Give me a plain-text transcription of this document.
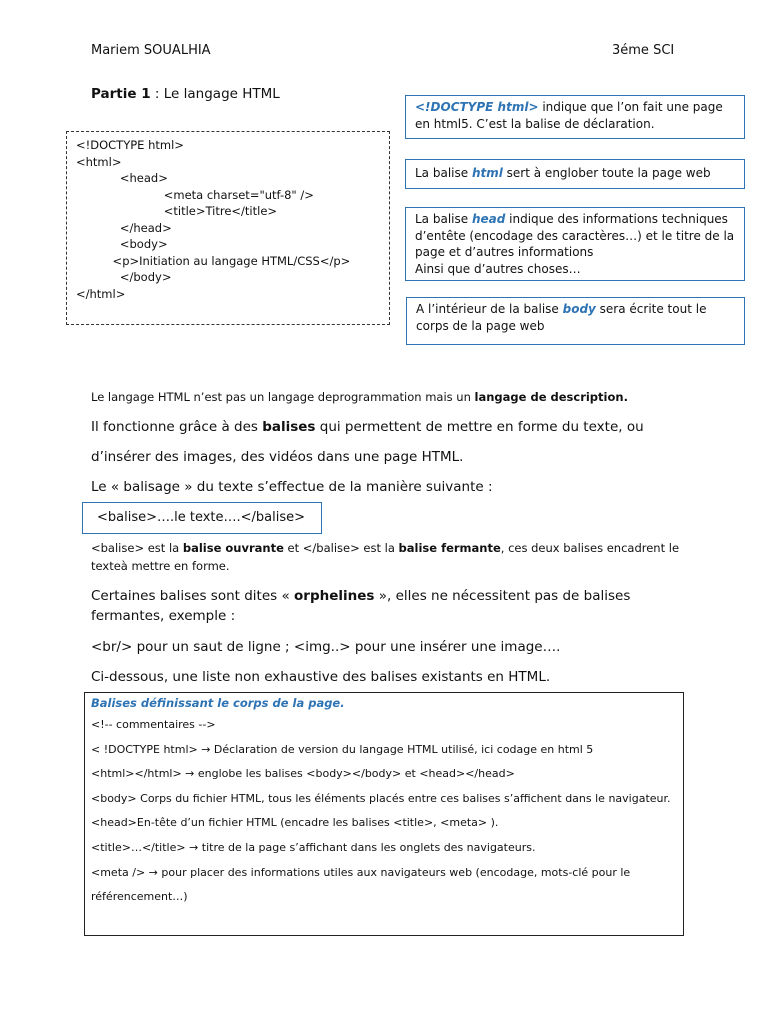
Mariem SOUALHIA	3éme SCI
Partie 1 : Le langage HTML
<!DOCTYPE html>
<html>
<head>
<meta charset="utf-8" />
<title>Titre</title>
</head>
<body>
<p>Initiation au langage HTML/CSS</p>
</body>
</html>
<!DOCTYPE html> indique que l’on fait une page en html5. C’est la balise de déclaration.
La balise html sert à englober toute la page web
La balise head indique des informations techniques d’entête (encodage des caractères…) et le titre de la page et d’autres informations
Ainsi que d’autres choses…
A l’intérieur de la balise body sera écrite tout le corps de la page web
Le langage HTML n’est pas un langage deprogrammation mais un langage de description.
Il fonctionne grâce à des balises qui permettent de mettre en forme du texte, ou
d’insérer des images, des vidéos dans une page HTML.
Le « balisage » du texte s’effectue de la manière suivante :
<balise>….le texte….</balise>
<balise> est la balise ouvrante et </balise> est la balise fermante, ces deux balises encadrent le texteà mettre en forme.
Certaines balises sont dites « orphelines », elles ne nécessitent pas de balises fermantes, exemple :
<br/> pour un saut de ligne ; <img..> pour une insérer une image….
Ci-dessous, une liste non exhaustive des balises existants en HTML.
Balises définissant le corps de la page.
<!-- commentaires -->
< !DOCTYPE html> → Déclaration de version du langage HTML utilisé, ici codage en html 5
<html></html> → englobe les balises <body></body> et <head></head>
<body> Corps du fichier HTML, tous les éléments placés entre ces balises s’affichent dans le navigateur.
<head>En-tête d’un fichier HTML (encadre les balises <title>, <meta> ).
<title>…</title> → titre de la page s’affichant dans les onglets des navigateurs.
<meta /> → pour placer des informations utiles aux navigateurs web (encodage, mots-clé pour le référencement…)
